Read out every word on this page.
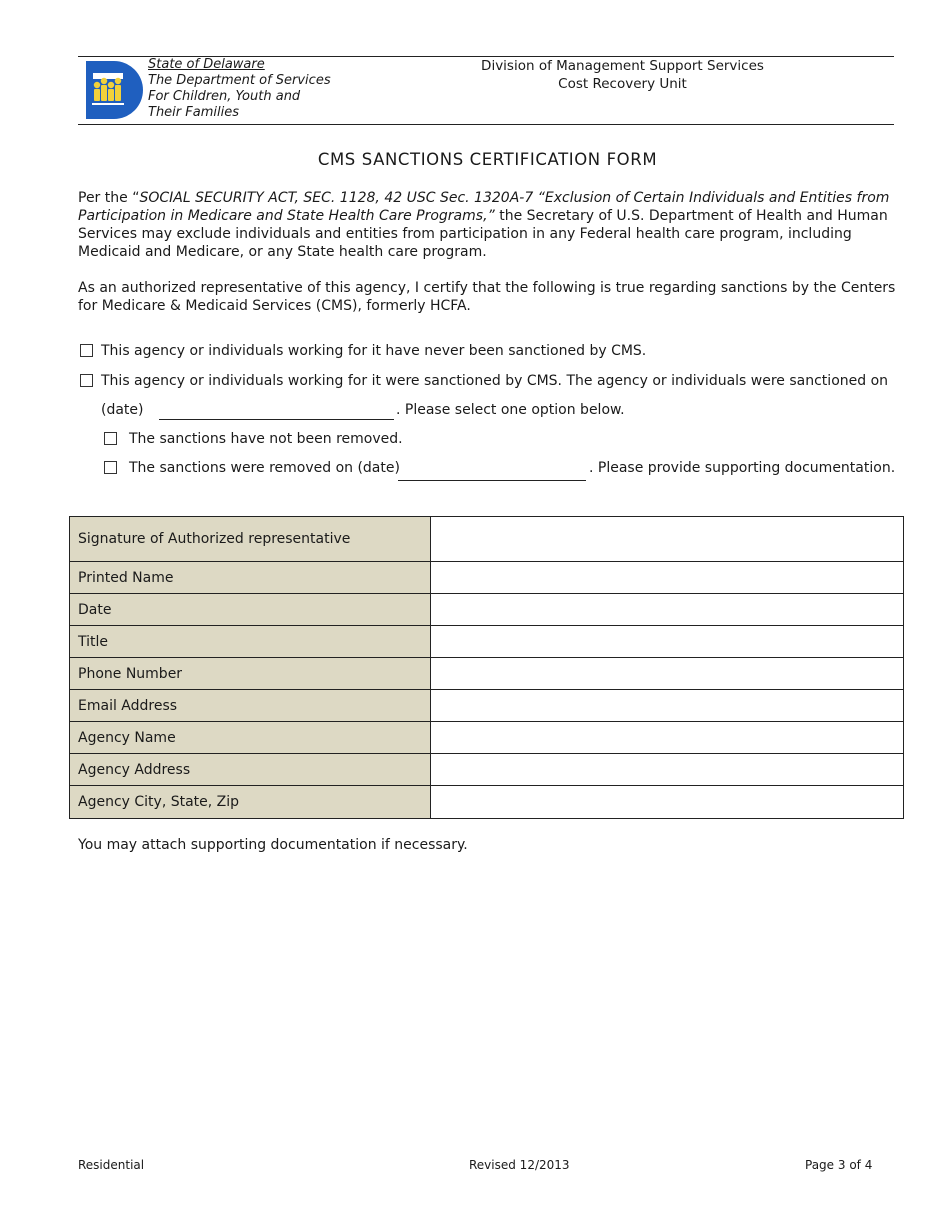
State of Delaware
The Department of Services
For Children, Youth and
Their Families
Division of Management Support Services
Cost Recovery Unit
CMS SANCTIONS CERTIFICATION FORM
Per the “SOCIAL SECURITY ACT, SEC. 1128, 42 USC Sec. 1320A-7 “Exclusion of Certain Individuals and Entities from Participation in Medicare and State Health Care Programs,” the Secretary of U.S. Department of Health and Human Services may exclude individuals and entities from participation in any Federal health care program, including Medicaid and Medicare, or any State health care program.
As an authorized representative of this agency, I certify that the following is true regarding sanctions by the Centers for Medicare & Medicaid Services (CMS), formerly HCFA.
This agency or individuals working for it have never been sanctioned by CMS.
This agency or individuals working for it were sanctioned by CMS. The agency or individuals were sanctioned on
(date)	. Please select one option below.
The sanctions have not been removed.
The sanctions were removed on (date)	. Please provide supporting documentation.
Signature of Authorized representative	
Printed Name	
Date	
Title	
Phone Number	
Email Address	
Agency Name	
Agency Address	
Agency City, State, Zip	
You may attach supporting documentation if necessary.
Residential	Revised 12/2013	Page 3 of 4
